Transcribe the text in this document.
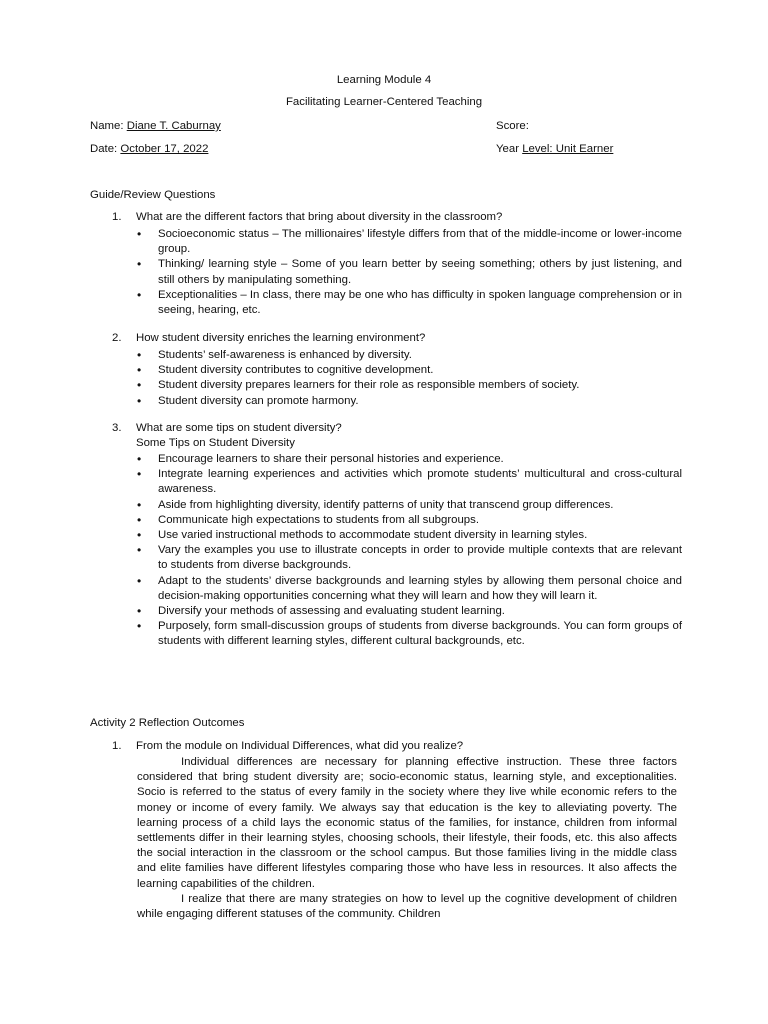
Learning Module 4
Facilitating Learner-Centered Teaching
Name: Diane T. Caburnay	Score:
Date: October 17, 2022	Year Level: Unit Earner
Guide/Review Questions
1. What are the different factors that bring about diversity in the classroom?
• Socioeconomic status – The millionaires’ lifestyle differs from that of the middle-income or lower-income group.
• Thinking/ learning style – Some of you learn better by seeing something; others by just listening, and still others by manipulating something.
• Exceptionalities – In class, there may be one who has difficulty in spoken language comprehension or in seeing, hearing, etc.
2. How student diversity enriches the learning environment?
• Students’ self-awareness is enhanced by diversity.
• Student diversity contributes to cognitive development.
• Student diversity prepares learners for their role as responsible members of society.
• Student diversity can promote harmony.
3. What are some tips on student diversity?
Some Tips on Student Diversity
• Encourage learners to share their personal histories and experience.
• Integrate learning experiences and activities which promote students’ multicultural and cross-cultural awareness.
• Aside from highlighting diversity, identify patterns of unity that transcend group differences.
• Communicate high expectations to students from all subgroups.
• Use varied instructional methods to accommodate student diversity in learning styles.
• Vary the examples you use to illustrate concepts in order to provide multiple contexts that are relevant to students from diverse backgrounds.
• Adapt to the students’ diverse backgrounds and learning styles by allowing them personal choice and decision-making opportunities concerning what they will learn and how they will learn it.
• Diversify your methods of assessing and evaluating student learning.
• Purposely, form small-discussion groups of students from diverse backgrounds. You can form groups of students with different learning styles, different cultural backgrounds, etc.
Activity 2 Reflection Outcomes
1. From the module on Individual Differences, what did you realize?

Individual differences are necessary for planning effective instruction. These three factors considered that bring student diversity are; socio-economic status, learning style, and exceptionalities. Socio is referred to the status of every family in the society where they live while economic refers to the money or income of every family. We always say that education is the key to alleviating poverty. The learning process of a child lays the economic status of the families, for instance, children from informal settlements differ in their learning styles, choosing schools, their lifestyle, their foods, etc. this also affects the social interaction in the classroom or the school campus. But those families living in the middle class and elite families have different lifestyles comparing those who have less in resources. It also affects the learning capabilities of the children.

I realize that there are many strategies on how to level up the cognitive development of children while engaging different statuses of the community. Children
